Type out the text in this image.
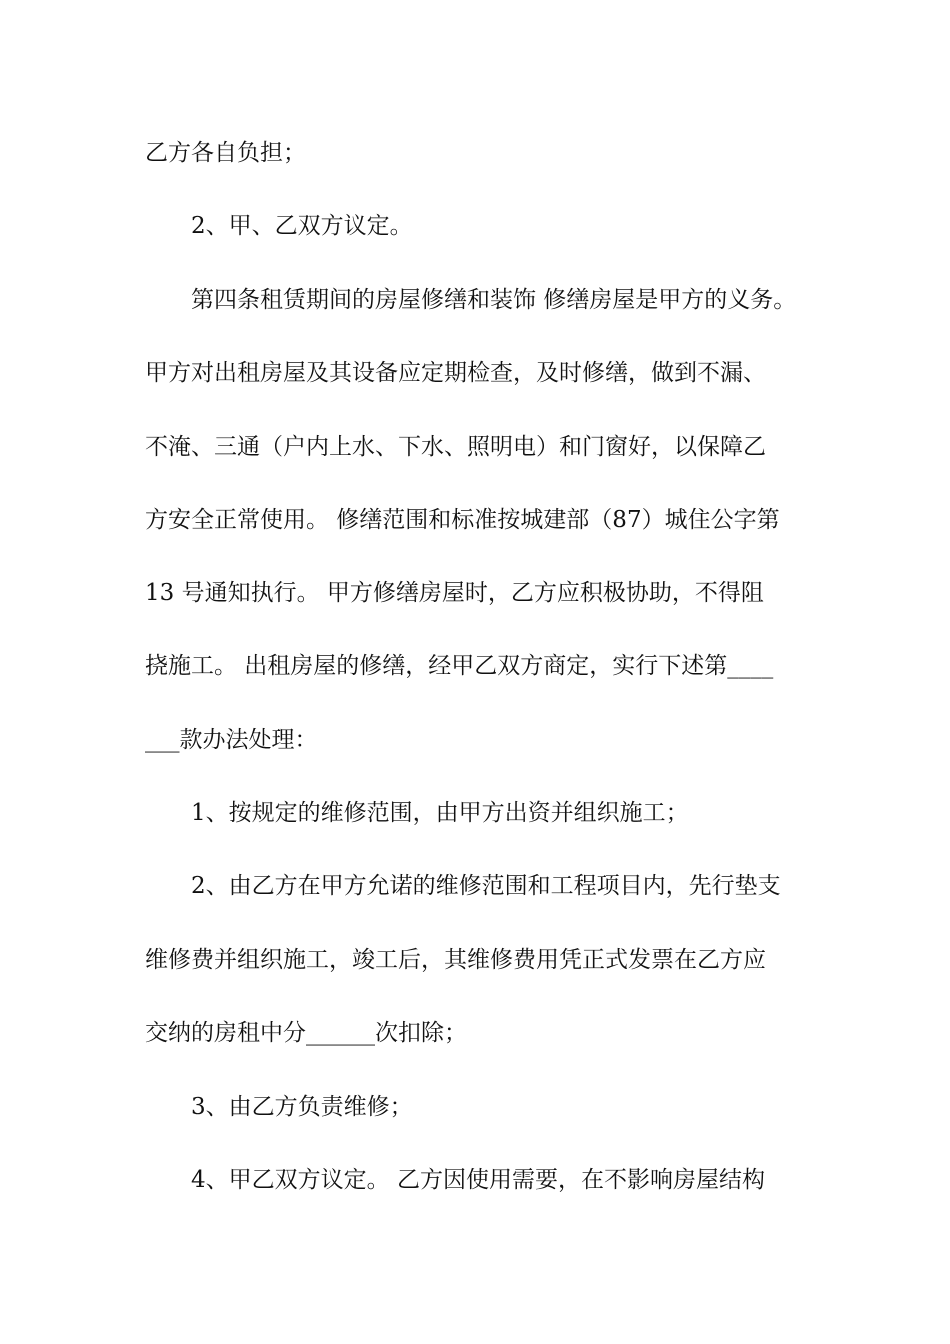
乙方各自负担；

2、甲、乙双方议定。

第四条租赁期间的房屋修缮和装饰 修缮房屋是甲方的义务。

甲方对出租房屋及其设备应定期检查，及时修缮，做到不漏、

不淹、三通（户内上水、下水、照明电）和门窗好，以保障乙

方安全正常使用。 修缮范围和标准按城建部（87）城住公字第

13 号通知执行。 甲方修缮房屋时，乙方应积极协助，不得阻

挠施工。 出租房屋的修缮，经甲乙双方商定，实行下述第____

___款办法处理：

1、按规定的维修范围，由甲方出资并组织施工；

2、由乙方在甲方允诺的维修范围和工程项目内，先行垫支

维修费并组织施工，竣工后，其维修费用凭正式发票在乙方应

交纳的房租中分______次扣除；

3、由乙方负责维修；

4、甲乙双方议定。 乙方因使用需要，在不影响房屋结构
